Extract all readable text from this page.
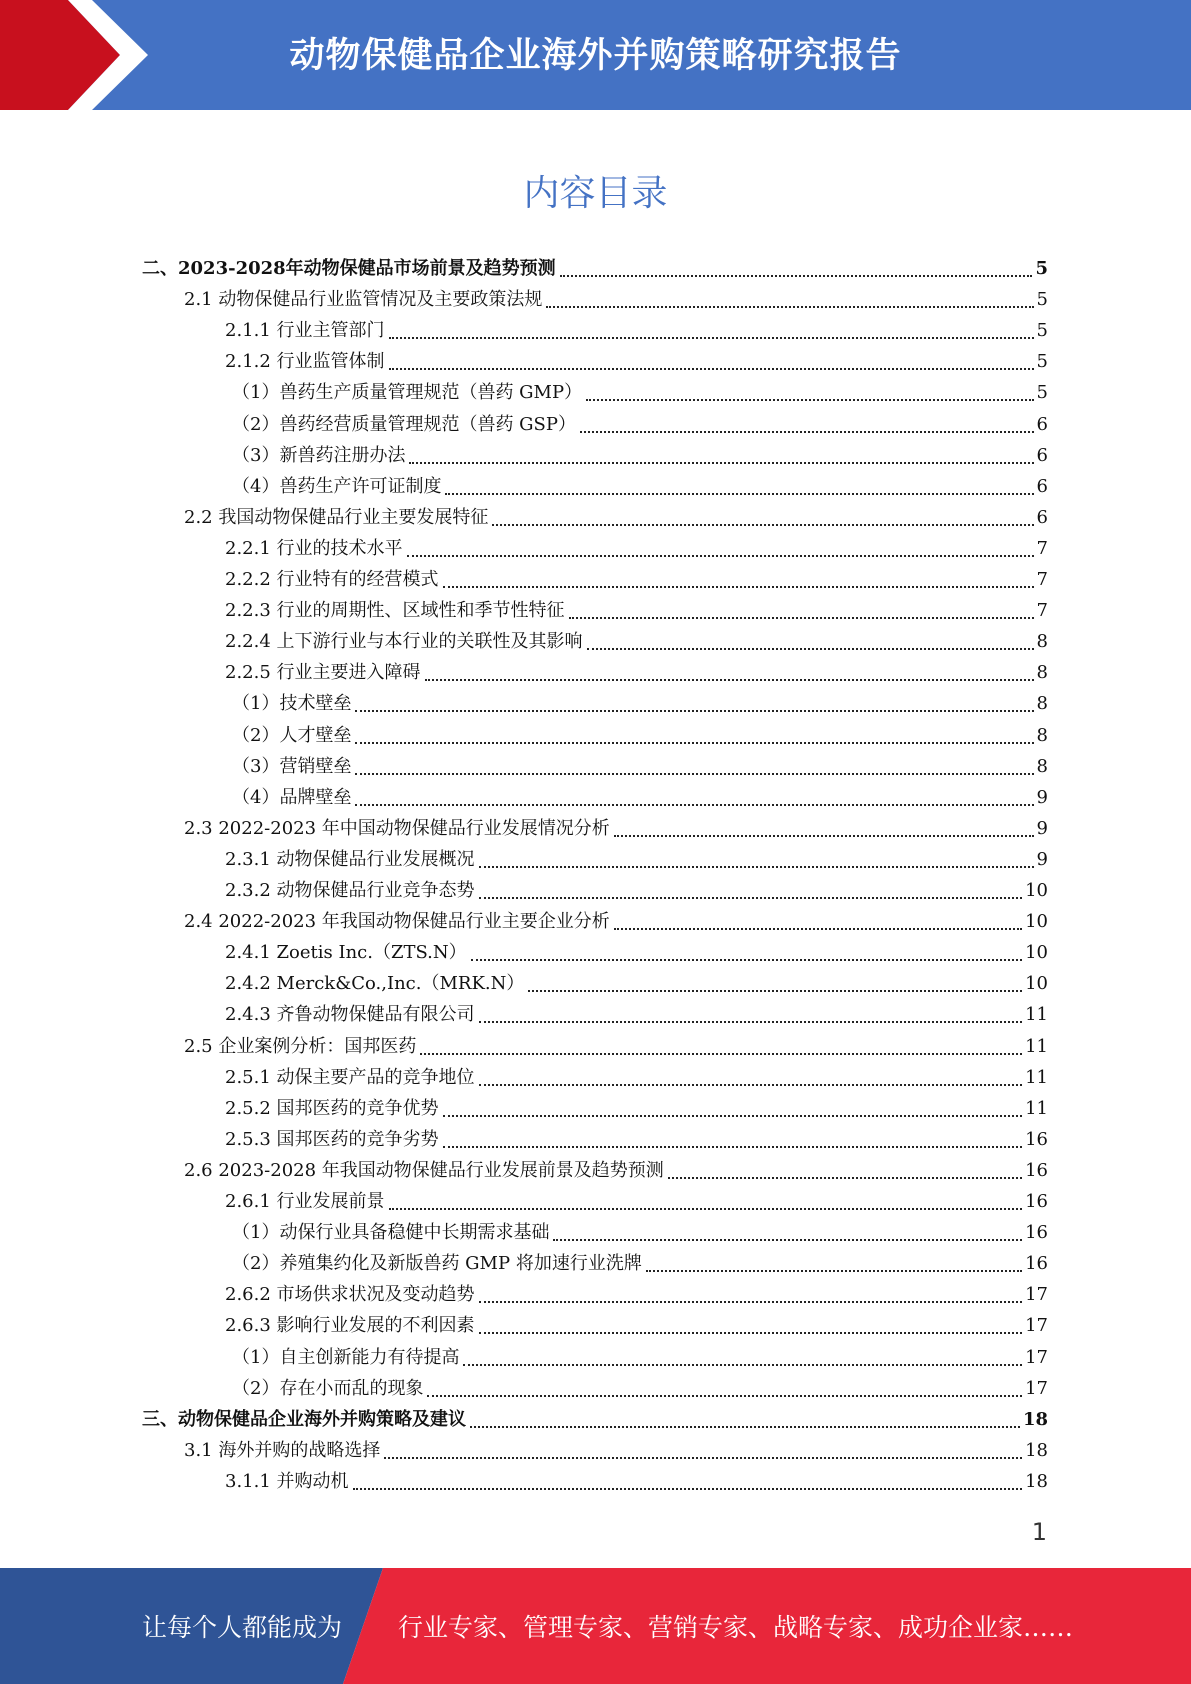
动物保健品企业海外并购策略研究报告
内容目录
二、2023-2028年动物保健品市场前景及趋势预测	5
2.1 动物保健品行业监管情况及主要政策法规	5
2.1.1 行业主管部门	5
2.1.2 行业监管体制	5
（1）兽药生产质量管理规范（兽药 GMP）	5
（2）兽药经营质量管理规范（兽药 GSP）	6
（3）新兽药注册办法	6
（4）兽药生产许可证制度	6
2.2 我国动物保健品行业主要发展特征	6
2.2.1 行业的技术水平	7
2.2.2 行业特有的经营模式	7
2.2.3 行业的周期性、区域性和季节性特征	7
2.2.4 上下游行业与本行业的关联性及其影响	8
2.2.5 行业主要进入障碍	8
（1）技术壁垒	8
（2）人才壁垒	8
（3）营销壁垒	8
（4）品牌壁垒	9
2.3 2022-2023 年中国动物保健品行业发展情况分析	9
2.3.1 动物保健品行业发展概况	9
2.3.2 动物保健品行业竞争态势	10
2.4 2022-2023 年我国动物保健品行业主要企业分析	10
2.4.1 Zoetis Inc.（ZTS.N）	10
2.4.2 Merck&Co.,Inc.（MRK.N）	10
2.4.3 齐鲁动物保健品有限公司	11
2.5 企业案例分析：国邦医药	11
2.5.1 动保主要产品的竞争地位	11
2.5.2 国邦医药的竞争优势	11
2.5.3 国邦医药的竞争劣势	16
2.6 2023-2028 年我国动物保健品行业发展前景及趋势预测	16
2.6.1 行业发展前景	16
（1）动保行业具备稳健中长期需求基础	16
（2）养殖集约化及新版兽药 GMP 将加速行业洗牌	16
2.6.2 市场供求状况及变动趋势	17
2.6.3 影响行业发展的不利因素	17
（1）自主创新能力有待提高	17
（2）存在小而乱的现象	17
三、动物保健品企业海外并购策略及建议	18
3.1 海外并购的战略选择	18
3.1.1 并购动机	18
1
让每个人都能成为 行业专家、管理专家、营销专家、战略专家、成功企业家……
